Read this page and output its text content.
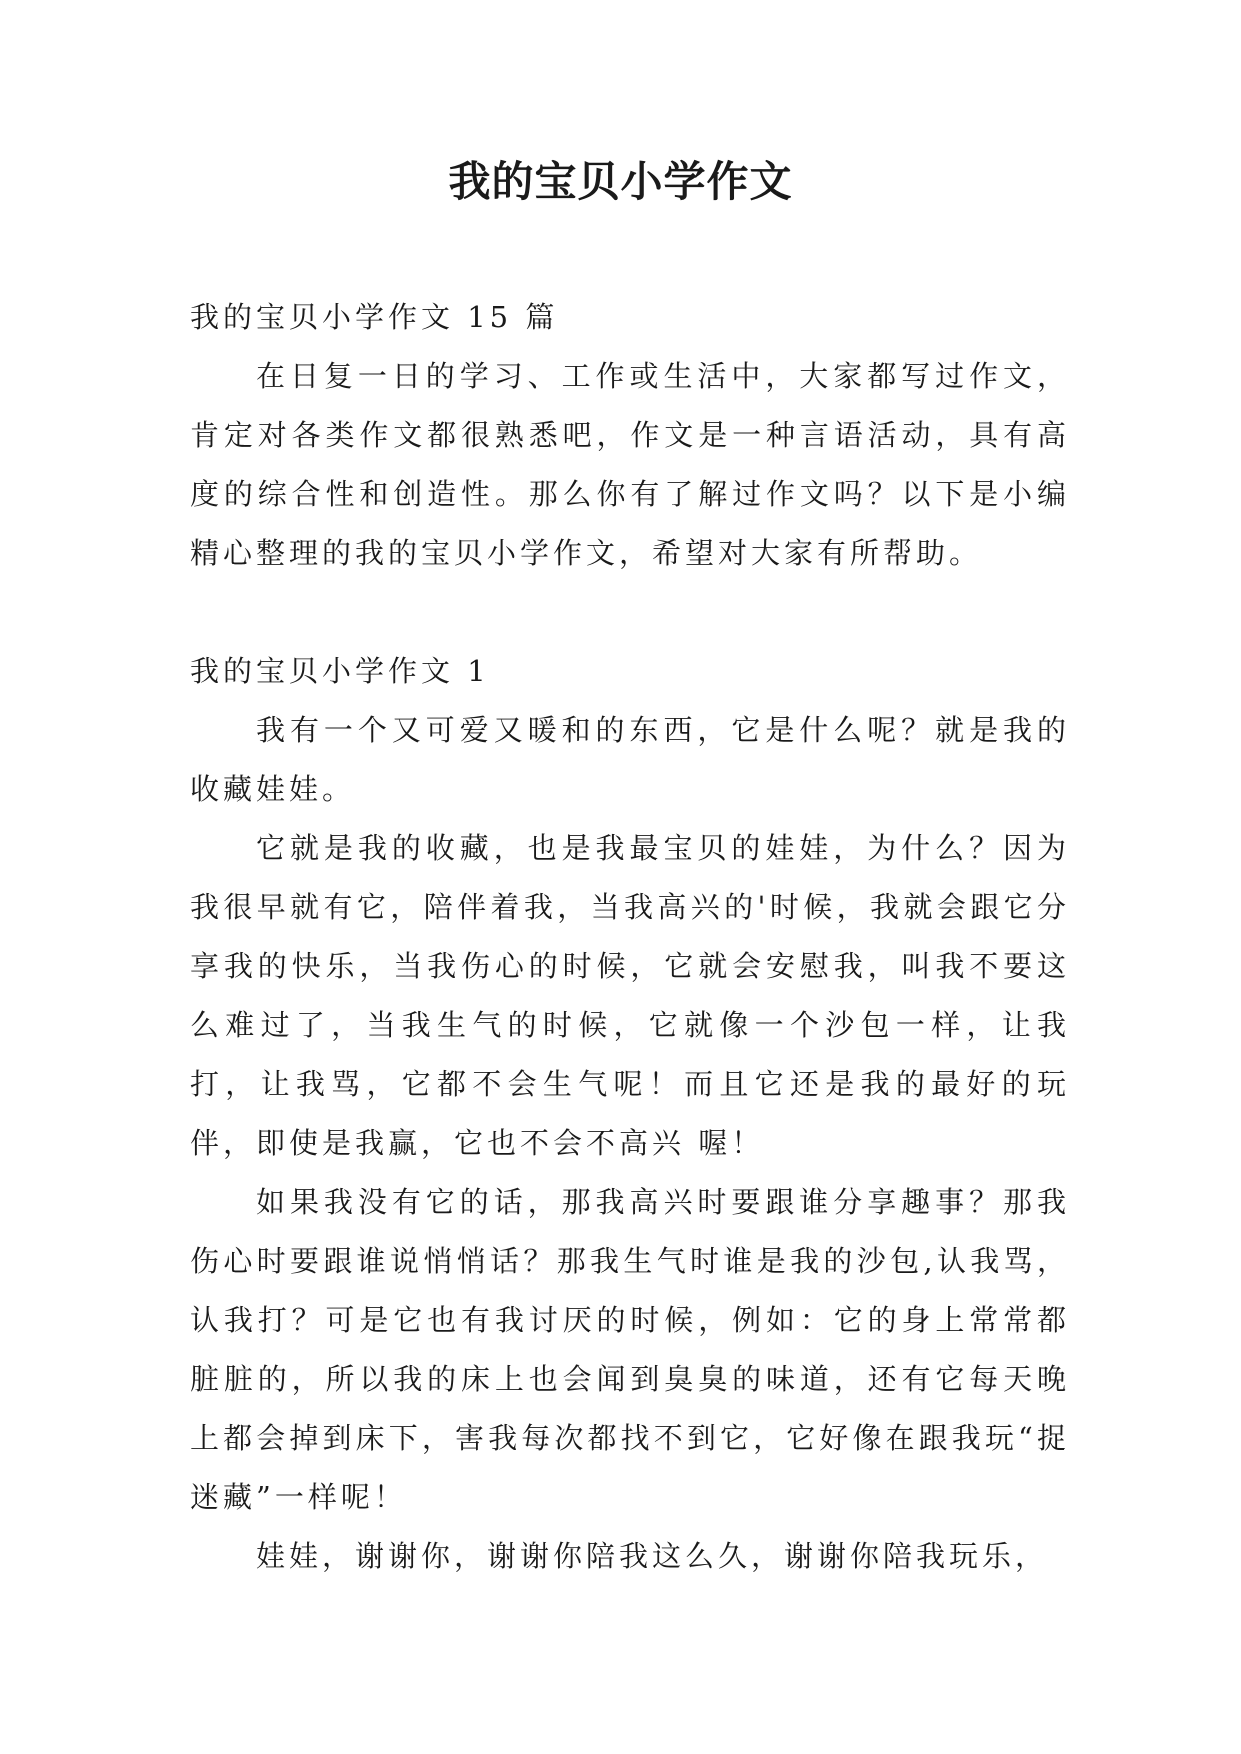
我的宝贝小学作文
我的宝贝小学作文 15 篇

在日复一日的学习、工作或生活中，大家都写过作文，肯定对各类作文都很熟悉吧，作文是一种言语活动，具有高度的综合性和创造性。那么你有了解过作文吗？以下是小编精心整理的我的宝贝小学作文，希望对大家有所帮助。

我的宝贝小学作文 1

我有一个又可爱又暖和的东西，它是什么呢？就是我的收藏娃娃。

它就是我的收藏，也是我最宝贝的娃娃，为什么？因为我很早就有它，陪伴着我，当我高兴的'时候，我就会跟它分享我的快乐，当我伤心的时候，它就会安慰我，叫我不要这么难过了，当我生气的时候，它就像一个沙包一样，让我打，让我骂，它都不会生气呢！而且它还是我的最好的玩伴，即使是我赢，它也不会不高兴 喔！

如果我没有它的话，那我高兴时要跟谁分享趣事？那我伤心时要跟谁说悄悄话？那我生气时谁是我的沙包,认我骂，认我打？可是它也有我讨厌的时候，例如：它的身上常常都脏脏的，所以我的床上也会闻到臭臭的味道，还有它每天晚上都会掉到床下，害我每次都找不到它，它好像在跟我玩“捉迷藏”一样呢！

娃娃，谢谢你，谢谢你陪我这么久，谢谢你陪我玩乐，
